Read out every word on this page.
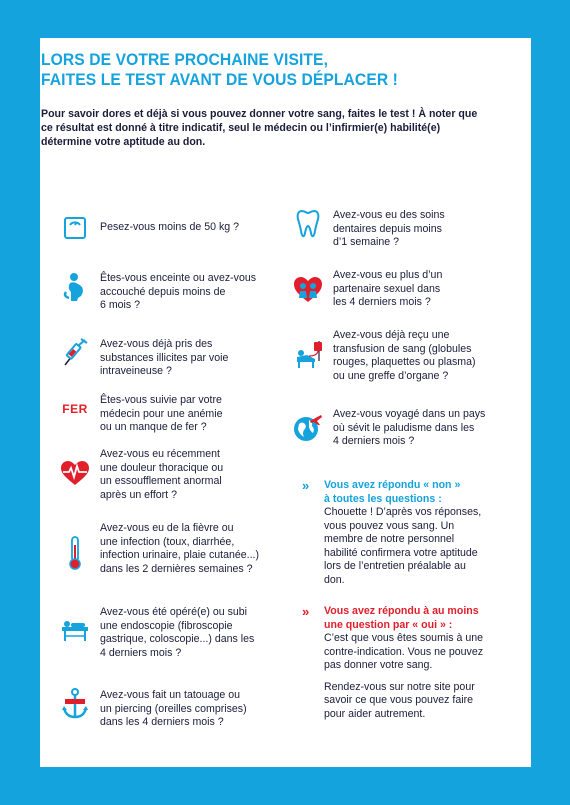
LORS DE VOTRE PROCHAINE VISITE,
FAITES LE TEST AVANT DE VOUS DÉPLACER !

Pour savoir dores et déjà si vous pouvez donner votre sang, faites le test ! À noter que ce résultat est donné à titre indicatif, seul le médecin ou l’infirmier(e) habilité(e) détermine votre aptitude au don.

Pesez-vous moins de 50 kg ?
Êtes-vous enceinte ou avez-vous
accouché depuis moins de
6 mois ?
Avez-vous déjà pris des
substances illicites par voie
intraveineuse ?
FER
Êtes-vous suivie par votre
médecin pour une anémie
ou un manque de fer ?
Avez-vous eu récemment
une douleur thoracique ou
un essoufflement anormal
après un effort ?
Avez-vous eu de la fièvre ou
une infection (toux, diarrhée,
infection urinaire, plaie cutanée...)
dans les 2 dernières semaines ?
Avez-vous été opéré(e) ou subi
une endoscopie (fibroscopie
gastrique, coloscopie...) dans les
4 derniers mois ?
Avez-vous fait un tatouage ou
un piercing (oreilles comprises)
dans les 4 derniers mois ?
Avez-vous eu des soins
dentaires depuis moins
d’1 semaine ?
Avez-vous eu plus d’un
partenaire sexuel dans
les 4 derniers mois ?
Avez-vous déjà reçu une
transfusion de sang (globules
rouges, plaquettes ou plasma)
ou une greffe d’organe ?
Avez-vous voyagé dans un pays
où sévit le paludisme dans les
4 derniers mois ?
»	Vous avez répondu « non »
à toutes les questions :
Chouette ! D’après vos réponses,
vous pouvez vous sang. Un
membre de notre personnel
habilité confirmera votre aptitude
lors de l’entretien préalable au
don.
»	Vous avez répondu à au moins
une question par « oui » :
C’est que vous êtes soumis à une
contre-indication. Vous ne pouvez
pas donner votre sang.
Rendez-vous sur notre site pour
savoir ce que vous pouvez faire
pour aider autrement.
